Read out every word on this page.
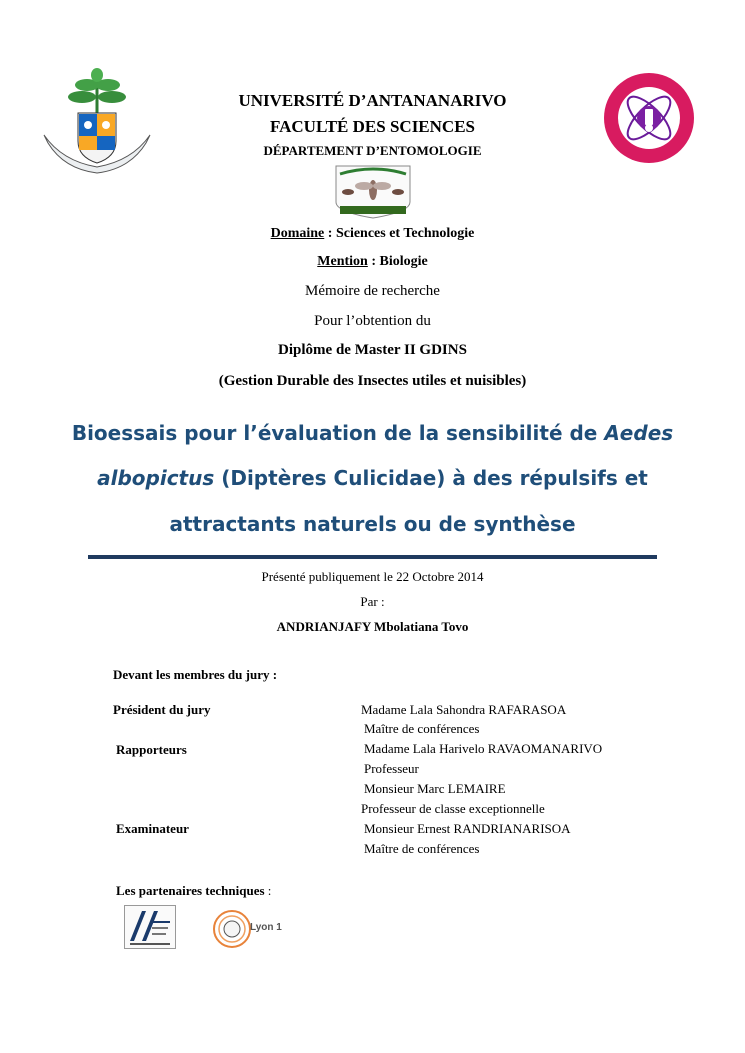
UNIVERSITÉ D’ANTANANARIVO
FACULTÉ DES SCIENCES
DÉPARTEMENT D’ENTOMOLOGIE
Domaine : Sciences et Technologie
Mention : Biologie
Mémoire de recherche
Pour l’obtention du
Diplôme de Master II GDINS
(Gestion Durable des Insectes utiles et nuisibles)
Bioessais pour l’évaluation de la sensibilité de Aedes
albopictus (Diptères Culicidae) à des répulsifs et
attractants naturels ou de synthèse
Présenté publiquement le 22 Octobre 2014
Par :
ANDRIANJAFY Mbolatiana Tovo
Devant les membres du jury :
Président du jury
Rapporteurs
Examinateur
Madame Lala Sahondra RAFARASOA
Maître de conférences
Madame Lala Harivelo RAVAOMANARIVO
Professeur
Monsieur Marc LEMAIRE
Professeur de classe exceptionnelle
Monsieur Ernest RANDRIANARISOA
Maître de conférences
Les partenaires techniques :
Lyon 1
